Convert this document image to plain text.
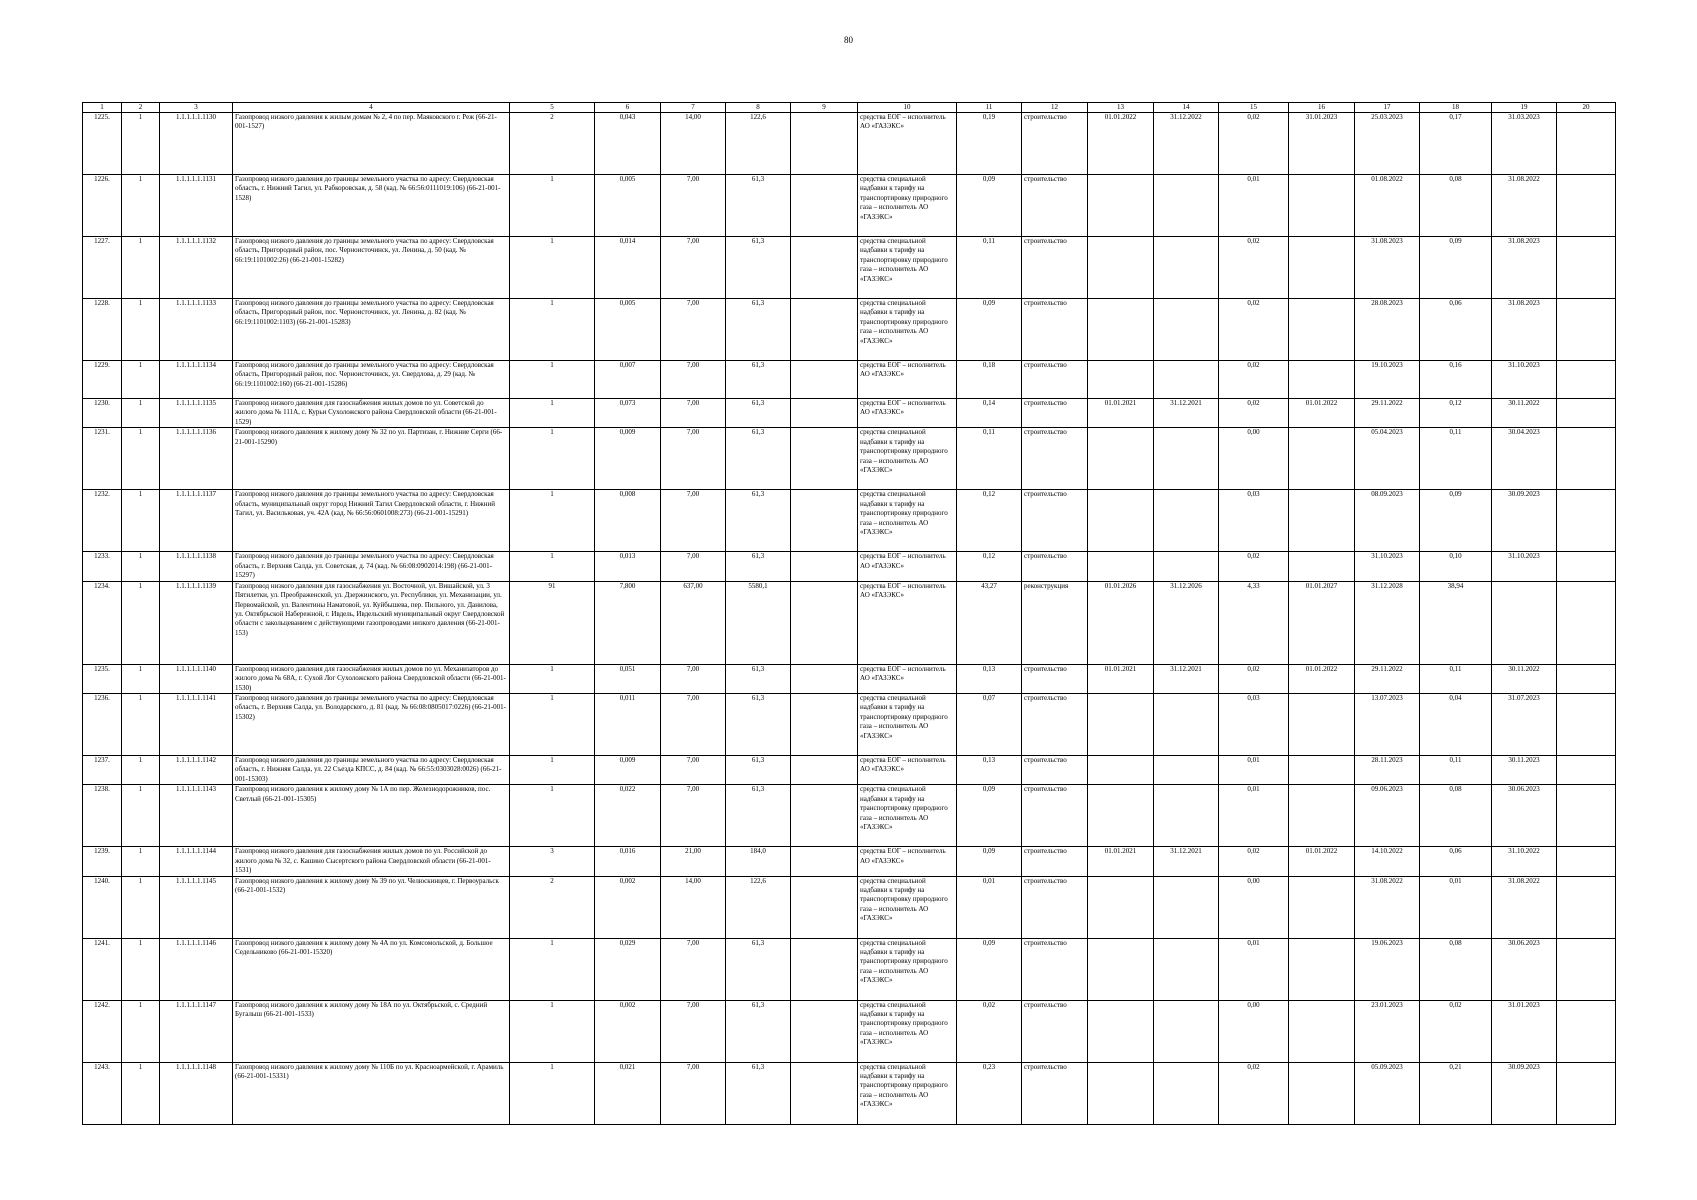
80
1	2	3	4	5	6	7	8	9	10	11	12	13	14	15	16	17	18	19	20
1225.	1	1.1.1.1.1.1130	Газопровод низкого давления к жилым домам № 2, 4 по пер. Маяковского г. Реж (66-21-001-1527)	2	0,043	14,00	122,6		средства ЕОГ – исполнитель АО «ГАЗЭКС»	0,19	строительство	01.01.2022	31.12.2022	0,02	31.01.2023	25.03.2023	0,17	31.03.2023	
1226.	1	1.1.1.1.1.1131	Газопровод низкого давления до границы земельного участка по адресу: Свердловская область, г. Нижний Тагил, ул. Рабкоровская, д. 58 (кад. № 66:56:0111019:106) (66-21-001-1528)	1	0,005	7,00	61,3		средства специальной надбавки к тарифу на транспортировку природного газа – исполнитель АО «ГАЗЭКС»	0,09	строительство			0,01		01.08.2022	0,08	31.08.2022	
1227.	1	1.1.1.1.1.1132	Газопровод низкого давления до границы земельного участка по адресу: Свердловская область, Пригородный район, пос. Черноисточинск, ул. Ленина, д. 50 (кад. № 66:19:1101002:26) (66-21-001-15282)	1	0,014	7,00	61,3		средства специальной надбавки к тарифу на транспортировку природного газа – исполнитель АО «ГАЗЭКС»	0,11	строительство			0,02		31.08.2023	0,09	31.08.2023	
1228.	1	1.1.1.1.1.1133	Газопровод низкого давления до границы земельного участка по адресу: Свердловская область, Пригородный район, пос. Черноисточинск, ул. Ленина, д. 82 (кад. № 66:19:1101002:1103) (66-21-001-15283)	1	0,005	7,00	61,3		средства специальной надбавки к тарифу на транспортировку природного газа – исполнитель АО «ГАЗЭКС»	0,09	строительство			0,02		28.08.2023	0,06	31.08.2023	
1229.	1	1.1.1.1.1.1134	Газопровод низкого давления до границы земельного участка по адресу: Свердловская область, Пригородный район, пос. Черноисточинск, ул. Свердлова, д. 29 (кад. № 66:19:1101002:160) (66-21-001-15286)	1	0,007	7,00	61,3		средства ЕОГ – исполнитель АО «ГАЗЭКС»	0,18	строительство			0,02		19.10.2023	0,16	31.10.2023	
1230.	1	1.1.1.1.1.1135	Газопровод низкого давления для газоснабжения жилых домов по ул. Советской до жилого дома № 111А, с. Курьи Сухоложского района Свердловской области (66-21-001-1529)	1	0,073	7,00	61,3		средства ЕОГ – исполнитель АО «ГАЗЭКС»	0,14	строительство	01.01.2021	31.12.2021	0,02	01.01.2022	29.11.2022	0,12	30.11.2022	
1231.	1	1.1.1.1.1.1136	Газопровод низкого давления к жилому дому № 32 по ул. Партизан, г. Нижние Серги (66-21-001-15290)	1	0,009	7,00	61,3		средства специальной надбавки к тарифу на транспортировку природного газа – исполнитель АО «ГАЗЭКС»	0,11	строительство			0,00		05.04.2023	0,11	30.04.2023	
1232.	1	1.1.1.1.1.1137	Газопровод низкого давления до границы земельного участка по адресу: Свердловская область, муниципальный округ город Нижний Тагил Свердловской области, г. Нижний Тагил, ул. Васильковая, уч. 42А (кад. № 66:56:0601008:273) (66-21-001-15291)	1	0,008	7,00	61,3		средства специальной надбавки к тарифу на транспортировку природного газа – исполнитель АО «ГАЗЭКС»	0,12	строительство			0,03		08.09.2023	0,09	30.09.2023	
1233.	1	1.1.1.1.1.1138	Газопровод низкого давления до границы земельного участка по адресу: Свердловская область, г. Верхняя Салда, ул. Советская, д. 74 (кад. № 66:08:0902014:198) (66-21-001-15297)	1	0,013	7,00	61,3		средства ЕОГ – исполнитель АО «ГАЗЭКС»	0,12	строительство			0,02		31.10.2023	0,10	31.10.2023	
1234.	1	1.1.1.1.1.1139	Газопровод низкого давления для газоснабжения ул. Восточной, ул. Вишайской, ул. 3 Пятилетки, ул. Преображенской, ул. Дзержинского, ул. Республики, ул. Механизации, ул. Первомайской, ул. Валентины Наматовой, ул. Куйбышева, пер. Пильного, ул. Данилова, ул. Октябрьской Набережной, г. Ивдель, Ивдельский муниципальный округ Свердловской области с закольцеванием с действующими газопроводами низкого давления (66-21-001-153)	91	7,800	637,00	5580,1		средства ЕОГ – исполнитель АО «ГАЗЭКС»	43,27	реконструкция	01.01.2026	31.12.2026	4,33	01.01.2027	31.12.2028	38,94		
1235.	1	1.1.1.1.1.1140	Газопровод низкого давления для газоснабжения жилых домов по ул. Механизаторов до жилого дома № 68А, г. Сухой Лог Сухоложского района Свердловской области (66-21-001-1530)	1	0,051	7,00	61,3		средства ЕОГ – исполнитель АО «ГАЗЭКС»	0,13	строительство	01.01.2021	31.12.2021	0,02	01.01.2022	29.11.2022	0,11	30.11.2022	
1236.	1	1.1.1.1.1.1141	Газопровод низкого давления до границы земельного участка по адресу: Свердловская область, г. Верхняя Салда, ул. Володарского, д. 81 (кад. № 66:08:0805017:0226) (66-21-001-15302)	1	0,011	7,00	61,3		средства специальной надбавки к тарифу на транспортировку природного газа – исполнитель АО «ГАЗЭКС»	0,07	строительство			0,03		13.07.2023	0,04	31.07.2023	
1237.	1	1.1.1.1.1.1142	Газопровод низкого давления до границы земельного участка по адресу: Свердловская область, г. Нижняя Салда, ул. 22 Съезда КПСС, д. 84 (кад. № 66:55:0303028:0026) (66-21-001-15303)	1	0,009	7,00	61,3		средства ЕОГ – исполнитель АО «ГАЗЭКС»	0,13	строительство			0,01		28.11.2023	0,11	30.11.2023	
1238.	1	1.1.1.1.1.1143	Газопровод низкого давления к жилому дому № 1А по пер. Железнодорожников, пос. Светлый (66-21-001-15305)	1	0,022	7,00	61,3		средства специальной надбавки к тарифу на транспортировку природного газа – исполнитель АО «ГАЗЭКС»	0,09	строительство			0,01		09.06.2023	0,08	30.06.2023	
1239.	1	1.1.1.1.1.1144	Газопровод низкого давления для газоснабжения жилых домов по ул. Российской до жилого дома № 32, с. Кашино Сысертского района Свердловской области (66-21-001-1531)	3	0,016	21,00	184,0		средства ЕОГ – исполнитель АО «ГАЗЭКС»	0,09	строительство	01.01.2021	31.12.2021	0,02	01.01.2022	14.10.2022	0,06	31.10.2022	
1240.	1	1.1.1.1.1.1145	Газопровод низкого давления к жилому дому № 39 по ул. Челюскинцев, г. Первоуральск (66-21-001-1532)	2	0,002	14,00	122,6		средства специальной надбавки к тарифу на транспортировку природного газа – исполнитель АО «ГАЗЭКС»	0,01	строительство			0,00		31.08.2022	0,01	31.08.2022	
1241.	1	1.1.1.1.1.1146	Газопровод низкого давления к жилому дому № 4А по ул. Комсомольской, д. Большое Седельниково (66-21-001-15320)	1	0,029	7,00	61,3		средства специальной надбавки к тарифу на транспортировку природного газа – исполнитель АО «ГАЗЭКС»	0,09	строительство			0,01		19.06.2023	0,08	30.06.2023	
1242.	1	1.1.1.1.1.1147	Газопровод низкого давления к жилому дому № 18А по ул. Октябрьской, с. Средний Бугалыш (66-21-001-1533)	1	0,002	7,00	61,3		средства специальной надбавки к тарифу на транспортировку природного газа – исполнитель АО «ГАЗЭКС»	0,02	строительство			0,00		23.01.2023	0,02	31.01.2023	
1243.	1	1.1.1.1.1.1148	Газопровод низкого давления к жилому дому № 110Б по ул. Красноармейской, г. Арамиль (66-21-001-15331)	1	0,021	7,00	61,3		средства специальной надбавки к тарифу на транспортировку природного газа – исполнитель АО «ГАЗЭКС»	0,23	строительство			0,02		05.09.2023	0,21	30.09.2023	
